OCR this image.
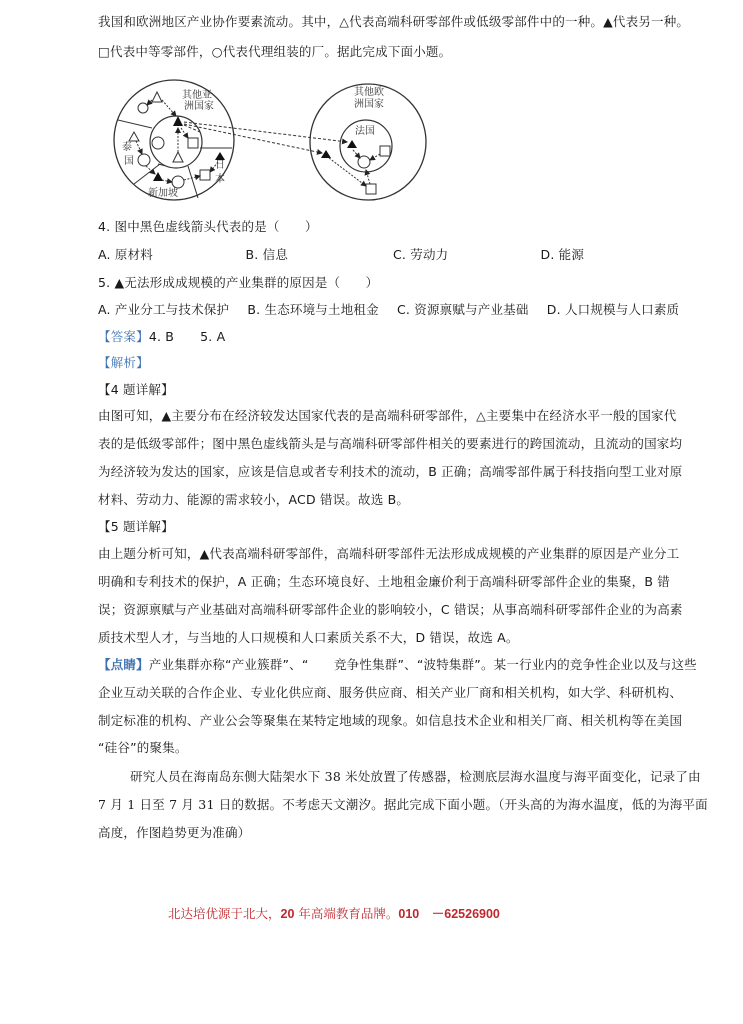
我国和欧洲地区产业协作要素流动。其中，△代表高端科研零部件或低级零部件中的一种。▲代表另一种。
□代表中等零部件，○代表代理组装的厂。据此完成下面小题。
其他亚
洲国家
泰
国	日
本
新加坡
其他欧
洲国家
法国
4. 图中黑色虚线箭头代表的是（　　）
A. 原材料	B. 信息	C. 劳动力	D. 能源
5. ▲无法形成成规模的产业集群的原因是（　　）
A. 产业分工与技术保护 B. 生态环境与土地租金 C. 资源禀赋与产业基础 D. 人口规模与人口素质
【答案】4. B 5. A
【解析】
【4 题详解】
由图可知，▲主要分布在经济较发达国家代表的是高端科研零部件，△主要集中在经济水平一般的国家代
表的是低级零部件；图中黑色虚线箭头是与高端科研零部件相关的要素进行的跨国流动，且流动的国家均
为经济较为发达的国家，应该是信息或者专利技术的流动，B 正确；高端零部件属于科技指向型工业对原
材料、劳动力、能源的需求较小，ACD 错误。故选 B。
【5 题详解】
由上题分析可知，▲代表高端科研零部件，高端科研零部件无法形成成规模的产业集群的原因是产业分工
明确和专利技术的保护，A 正确；生态环境良好、土地租金廉价利于高端科研零部件企业的集聚，B 错
误；资源禀赋与产业基础对高端科研零部件企业的影响较小，C 错误；从事高端科研零部件企业的为高素
质技术型人才，与当地的人口规模和人口素质关系不大，D 错误，故选 A。
【点睛】产业集群亦称“产业簇群”、“　　竞争性集群”、“波特集群”。某一行业内的竞争性企业以及与这些
企业互动关联的合作企业、专业化供应商、服务供应商、相关产业厂商和相关机构，如大学、科研机构、
制定标准的机构、产业公会等聚集在某特定地域的现象。如信息技术企业和相关厂商、相关机构等在美国
“硅谷”的聚集。
研究人员在海南岛东侧大陆架水下 38 米处放置了传感器，检测底层海水温度与海平面变化，记录了由
7 月 1 日至 7 月 31 日的数据。不考虑天文潮汐。据此完成下面小题。（开头高的为海水温度，低的为海平面
高度，作图趋势更为准确）
北达培优源于北大，20 年高端教育品牌。010　－62526900
